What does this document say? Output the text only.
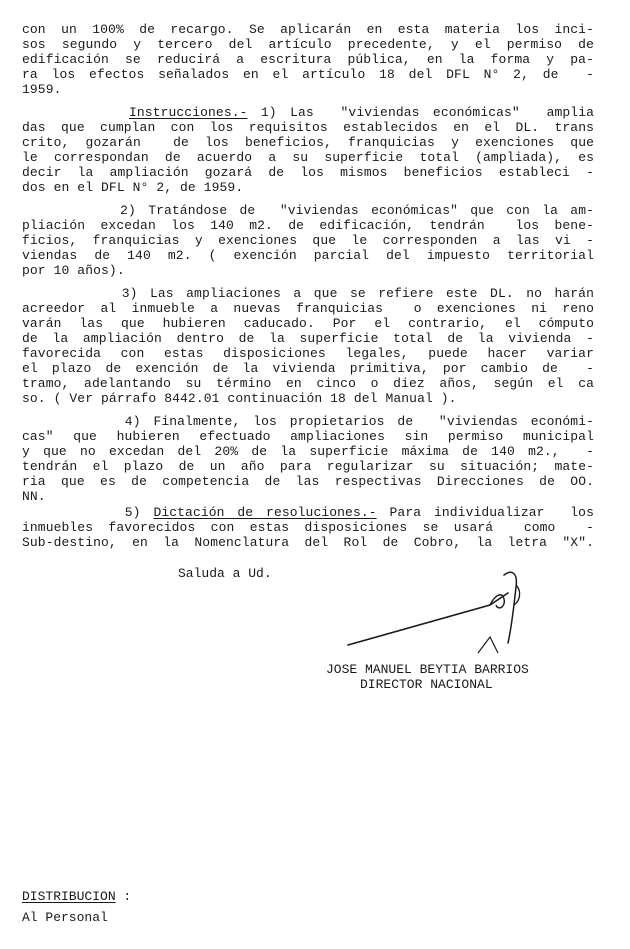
con un 100% de recargo. Se aplicarán en esta materia los inci-
sos segundo y tercero del artículo precedente, y el permiso de
edificación se reducirá a escritura pública, en la forma y pa-
ra los efectos señalados en el artículo 18 del DFL N° 2, de  -
1959.
Instrucciones.- 1) Las  "viviendas económicas"  amplia
das que cumplan con los requisitos establecidos en el DL. trans
crito, gozarán  de los beneficios, franquicias y exenciones que
le correspondan de acuerdo a su superficie total (ampliada), es
decir la ampliación gozará de los mismos beneficios estableci -
dos en el DFL N° 2, de 1959.
2) Tratándose de  "viviendas económicas" que con la am-
pliación excedan los 140 m2. de edificación, tendrán  los bene-
ficios, franquicias y exenciones que le corresponden a las vi -
viendas de 140 m2. ( exención parcial del impuesto territorial
por 10 años).
3) Las ampliaciones a que se refiere este DL. no harán
acreedor al inmueble a nuevas franquicias  o exenciones ni reno
varán las que hubieren caducado. Por el contrario, el cómputo
de la ampliación dentro de la superficie total de la vivienda -
favorecida con estas disposiciones legales, puede hacer variar
el plazo de exención de la vivienda primitiva, por cambio de  -
tramo, adelantando su término en cinco o diez años, según el ca
so. ( Ver párrafo 8442.01 continuación 18 del Manual ).
4) Finalmente, los propietarios de  "viviendas económi-
cas" que hubieren efectuado ampliaciones sin permiso municipal
y que no excedan del 20% de la superficie máxima de 140 m2.,  -
tendrán el plazo de un año para regularizar su situación; mate-
ria que es de competencia de las respectivas Direcciones de OO.
NN.
5) Dictación de resoluciones.- Para individualizar  los
inmuebles favorecidos con estas disposiciones se usará  como  -
Sub-destino, en la Nomenclatura del Rol de Cobro, la letra "X".
Saluda a Ud.
JOSE MANUEL BEYTIA BARRIOS
DIRECTOR NACIONAL
DISTRIBUCION :
Al Personal
